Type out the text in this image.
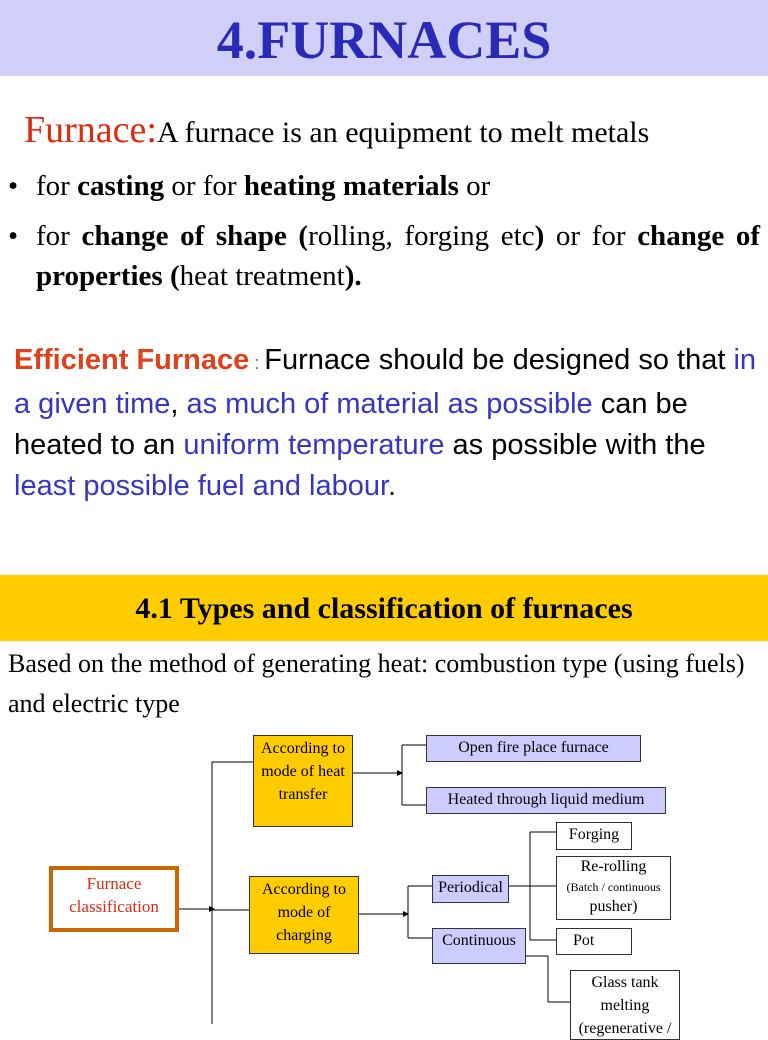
4.FURNACES
Furnace:A furnace is an equipment to melt metals
• for casting or for heating materials or
• for change of shape (rolling, forging etc) or for change of properties (heat treatment).
Efficient Furnace : Furnace should be designed so that in a given time, as much of material as possible can be heated to an uniform temperature as possible with the least possible fuel and labour.
4.1 Types and classification of furnaces
Based on the method of generating heat: combustion type (using fuels) and electric type
Furnace classification
According to mode of heat transfer
Open fire place furnace
Heated through liquid medium
According to mode of charging
Periodical
Continuous
Forging
Re-rolling
(Batch / continuous
pusher)
Pot
Glass tank melting (regenerative /
